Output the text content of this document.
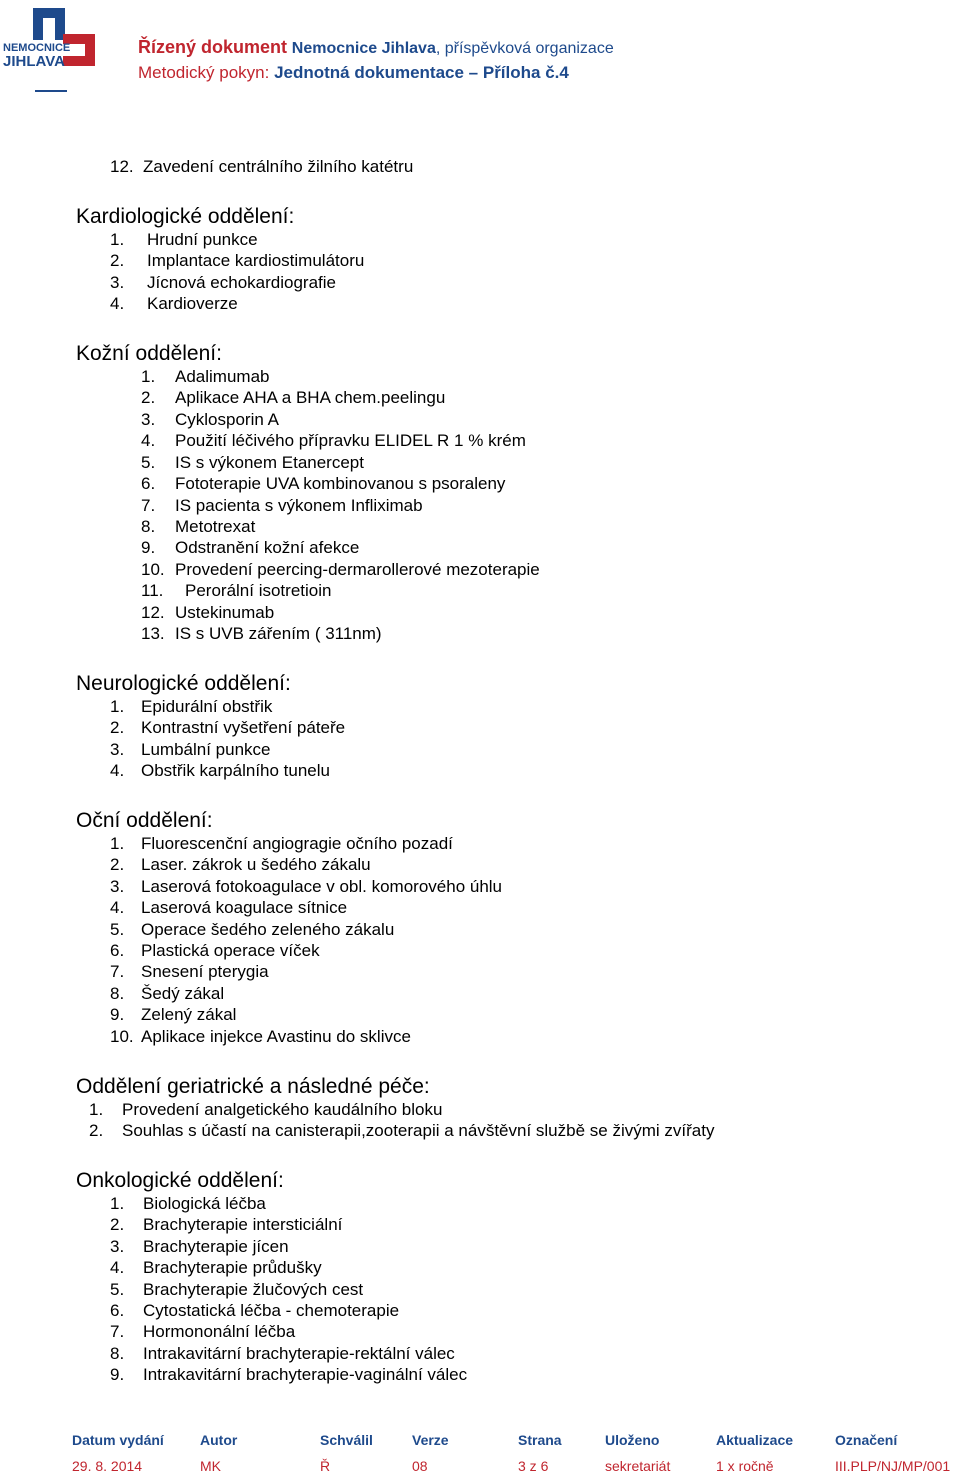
NEMOCNICE
JIHLAVA
Řízený dokument Nemocnice Jihlava, příspěvková organizace
Metodický pokyn: Jednotná dokumentace – Příloha č.4
12. Zavedení centrálního žilního katétru
Kardiologické oddělení:
1. Hrudní punkce
2. Implantace kardiostimulátoru
3. Jícnová echokardiografie
4. Kardioverze
Kožní oddělení:
1. Adalimumab
2. Aplikace AHA a BHA chem.peelingu
3. Cyklosporin A
4. Použití léčivého přípravku ELIDEL R 1 % krém
5. IS s výkonem Etanercept
6. Fototerapie UVA kombinovanou s psoraleny
7. IS pacienta s výkonem Infliximab
8. Metotrexat
9. Odstranění kožní afekce
10. Provedení peercing-dermarollerové mezoterapie
11. Perorální isotretioin
12. Ustekinumab
13. IS s UVB zářením ( 311nm)
Neurologické oddělení:
1. Epidurální obstřik
2. Kontrastní vyšetření páteře
3. Lumbální punkce
4. Obstřik karpálního tunelu
Oční oddělení:
1. Fluorescenční angiogragie očního pozadí
2. Laser. zákrok u šedého zákalu
3. Laserová fotokoagulace v obl. komorového úhlu
4. Laserová koagulace sítnice
5. Operace šedého zeleného zákalu
6. Plastická operace víček
7. Snesení pterygia
8. Šedý zákal
9. Zelený zákal
10. Aplikace injekce Avastinu do sklivce
Oddělení geriatrické a následné péče:
1. Provedení analgetického kaudálního bloku
2. Souhlas s účastí na canisterapii,zooterapii a návštěvní službě se živými zvířaty
Onkologické oddělení:
1. Biologická léčba
2. Brachyterapie intersticiální
3. Brachyterapie jícen
4. Brachyterapie průdušky
5. Brachyterapie žlučových cest
6. Cytostatická léčba - chemoterapie
7. Hormononální léčba
8. Intrakavitární brachyterapie-rektální válec
9. Intrakavitární brachyterapie-vaginální válec
Datum vydání	Autor	Schválil	Verze	Strana	Uloženo	Aktualizace	Označení
29. 8. 2014	MK	Ř	08	3 z 6	sekretariát	1 x ročně	III.PLP/NJ/MP/001
